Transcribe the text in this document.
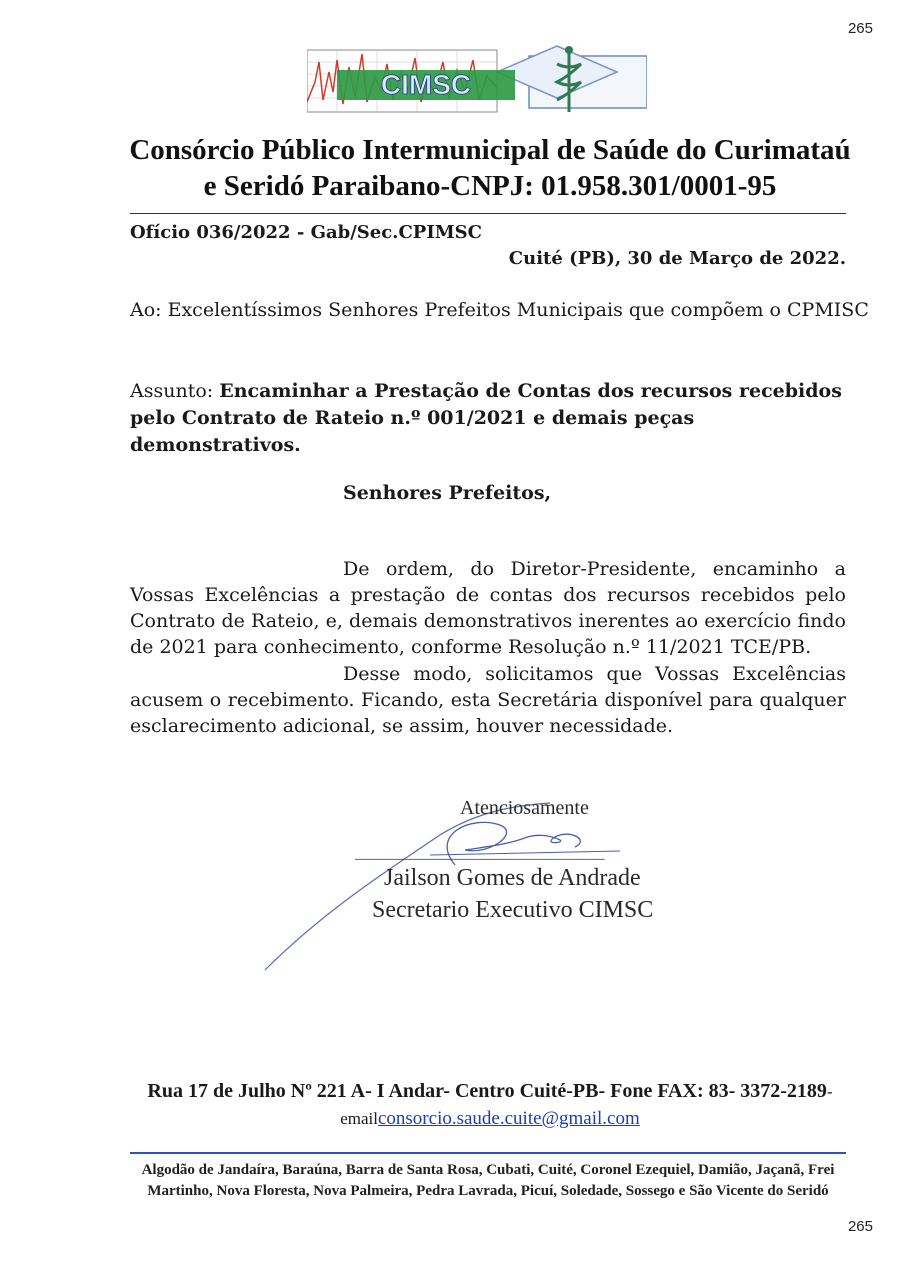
265
265
CIMSC
Consórcio Público Intermunicipal de Saúde do Curimataú
e Seridó Paraibano-CNPJ: 01.958.301/0001-95
Ofício 036/2022 - Gab/Sec.CPIMSC
Cuité (PB), 30 de Março de 2022.
Ao: Excelentíssimos Senhores Prefeitos Municipais que compõem o CPMISC
Assunto: Encaminhar a Prestação de Contas dos recursos recebidos pelo Contrato de Rateio n.º 001/2021 e demais peças demonstrativos.
Senhores Prefeitos,
De ordem, do Diretor-Presidente, encaminho a Vossas Excelências a prestação de contas dos recursos recebidos pelo Contrato de Rateio, e, demais demonstrativos inerentes ao exercício findo de 2021 para conhecimento, conforme Resolução n.º 11/2021 TCE/PB.
Desse modo, solicitamos que Vossas Excelências acusem o recebimento. Ficando, esta Secretária disponível para qualquer esclarecimento adicional, se assim, houver necessidade.
__________________________
Atenciosamente
Jailson Gomes de Andrade
Secretario Executivo CIMSC
Rua 17 de Julho Nº 221 A- I Andar- Centro Cuité-PB- Fone FAX: 83- 3372-2189- emailconsorcio.saude.cuite@gmail.com
Algodão de Jandaíra, Baraúna, Barra de Santa Rosa, Cubati, Cuité, Coronel Ezequiel, Damião, Jaçanã, Frei Martinho, Nova Floresta, Nova Palmeira, Pedra Lavrada, Picuí, Soledade, Sossego e São Vicente do Seridó
